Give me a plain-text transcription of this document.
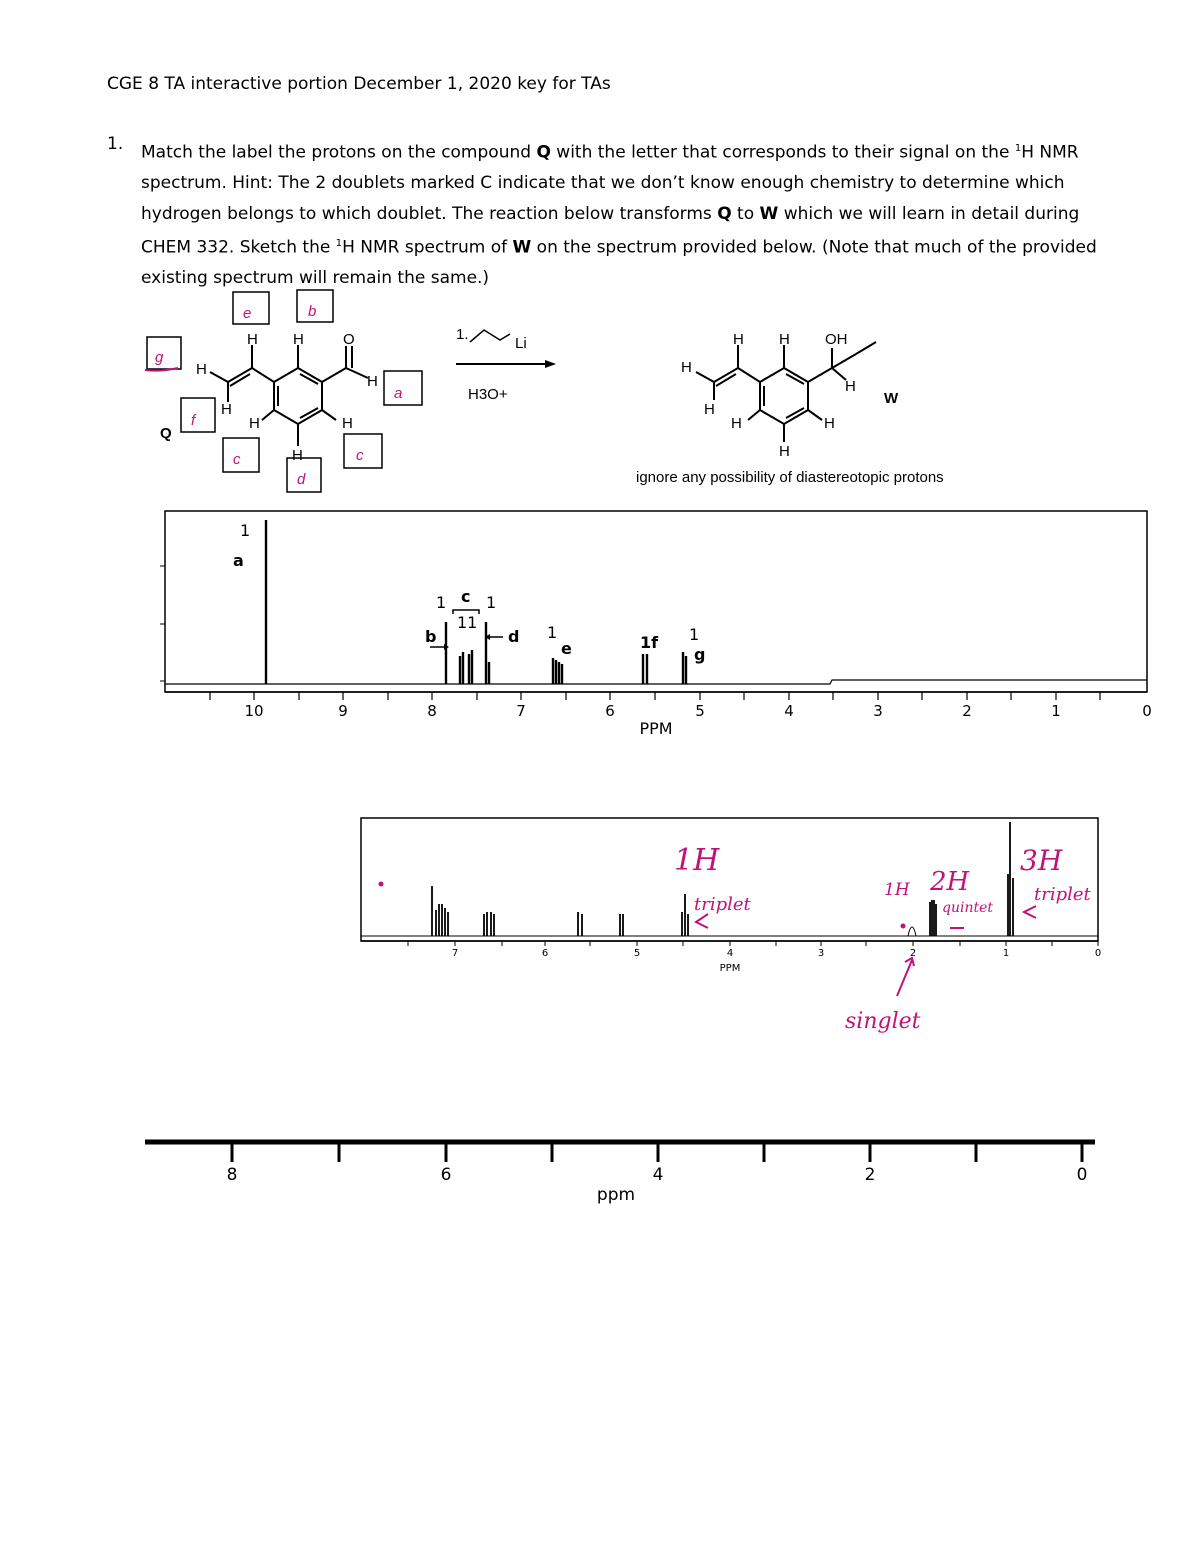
CGE 8 TA interactive portion December 1, 2020 key for TAs
1. Match the label the protons on the compound Q with the letter that corresponds to their signal on the $^1$H NMR spectrum. Hint: The 2 doublets marked C indicate that we don’t know enough chemistry to determine which hydrogen belongs to which doublet. The reaction below transforms Q to W which we will learn in detail during CHEM 332. Sketch the $^1$H NMR spectrum of W on the spectrum provided below. (Note that much of the provided existing spectrum will remain the same.)
H H	O
H
H
H
H	H
H
Q
e	b
g
a
f
c	c
d
1.
Li
H3O+
H H OH
H
H
H
H	H
H
W
ignore any possibility of diastereotopic protons
10	9	8	7	6	5	4	3	2	1	0
PPM
1
a
1
b
c
11
1
d 1
e	1f 1
g
7	6	5	4	3	2	1	0
PPM
1H
triplet
1H
singlet
2H
quintet
3H
triplet
8	6	4	2	0
ppm
